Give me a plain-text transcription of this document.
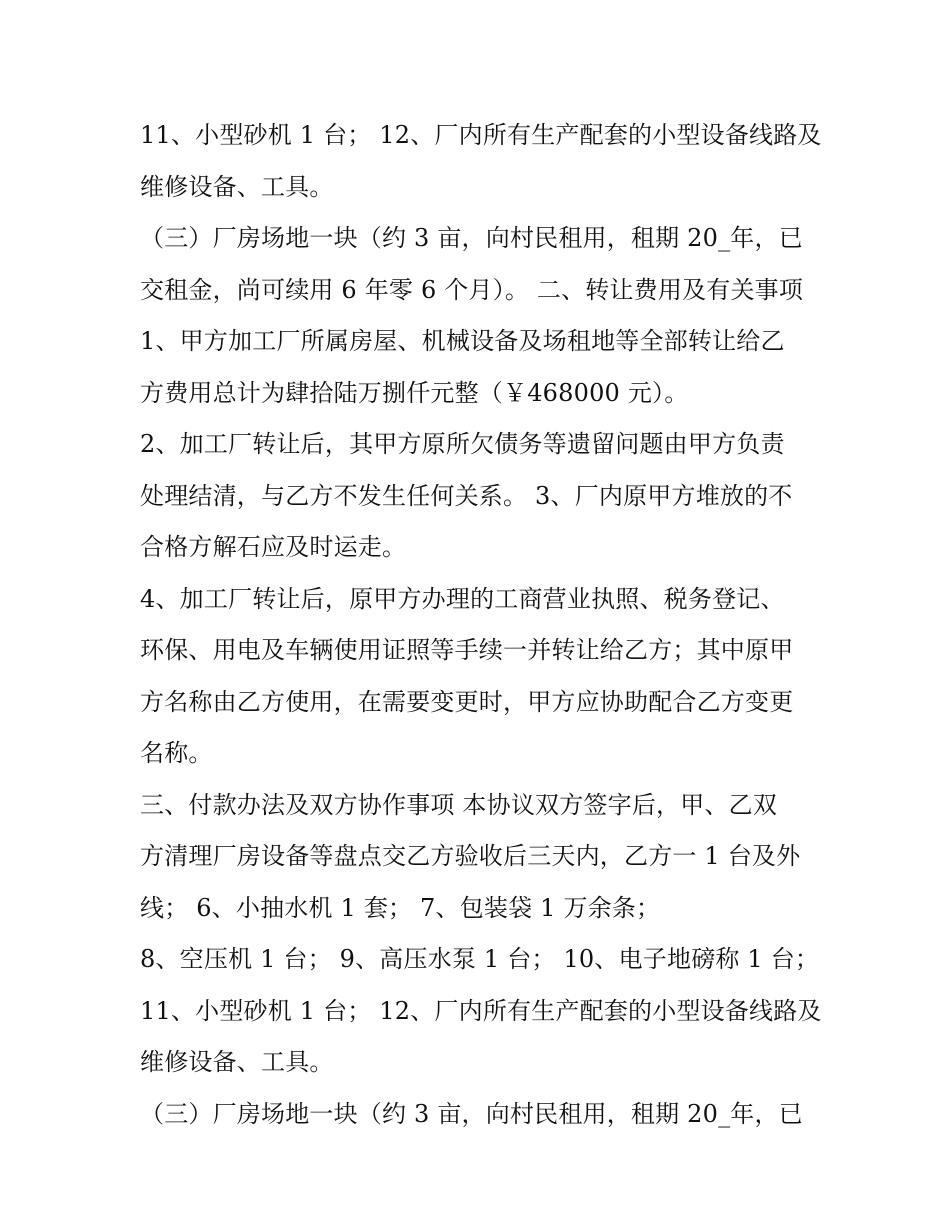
11、小型砂机 1 台； 12、厂内所有生产配套的小型设备线路及
维修设备、工具。
（三）厂房场地一块（约 3 亩，向村民租用，租期 20_年，已
交租金，尚可续用 6 年零 6 个月）。 二、转让费用及有关事项
1、甲方加工厂所属房屋、机械设备及场租地等全部转让给乙
方费用总计为肆拾陆万捌仟元整（￥468000 元）。
2、加工厂转让后，其甲方原所欠债务等遗留问题由甲方负责
处理结清，与乙方不发生任何关系。 3、厂内原甲方堆放的不
合格方解石应及时运走。
4、加工厂转让后，原甲方办理的工商营业执照、税务登记、
环保、用电及车辆使用证照等手续一并转让给乙方；其中原甲
方名称由乙方使用，在需要变更时，甲方应协助配合乙方变更
名称。
三、付款办法及双方协作事项 本协议双方签字后，甲、乙双
方清理厂房设备等盘点交乙方验收后三天内，乙方一 1 台及外
线； 6、小抽水机 1 套； 7、包装袋 1 万余条；
8、空压机 1 台； 9、高压水泵 1 台； 10、电子地磅称 1 台；
11、小型砂机 1 台； 12、厂内所有生产配套的小型设备线路及
维修设备、工具。
（三）厂房场地一块（约 3 亩，向村民租用，租期 20_年，已
